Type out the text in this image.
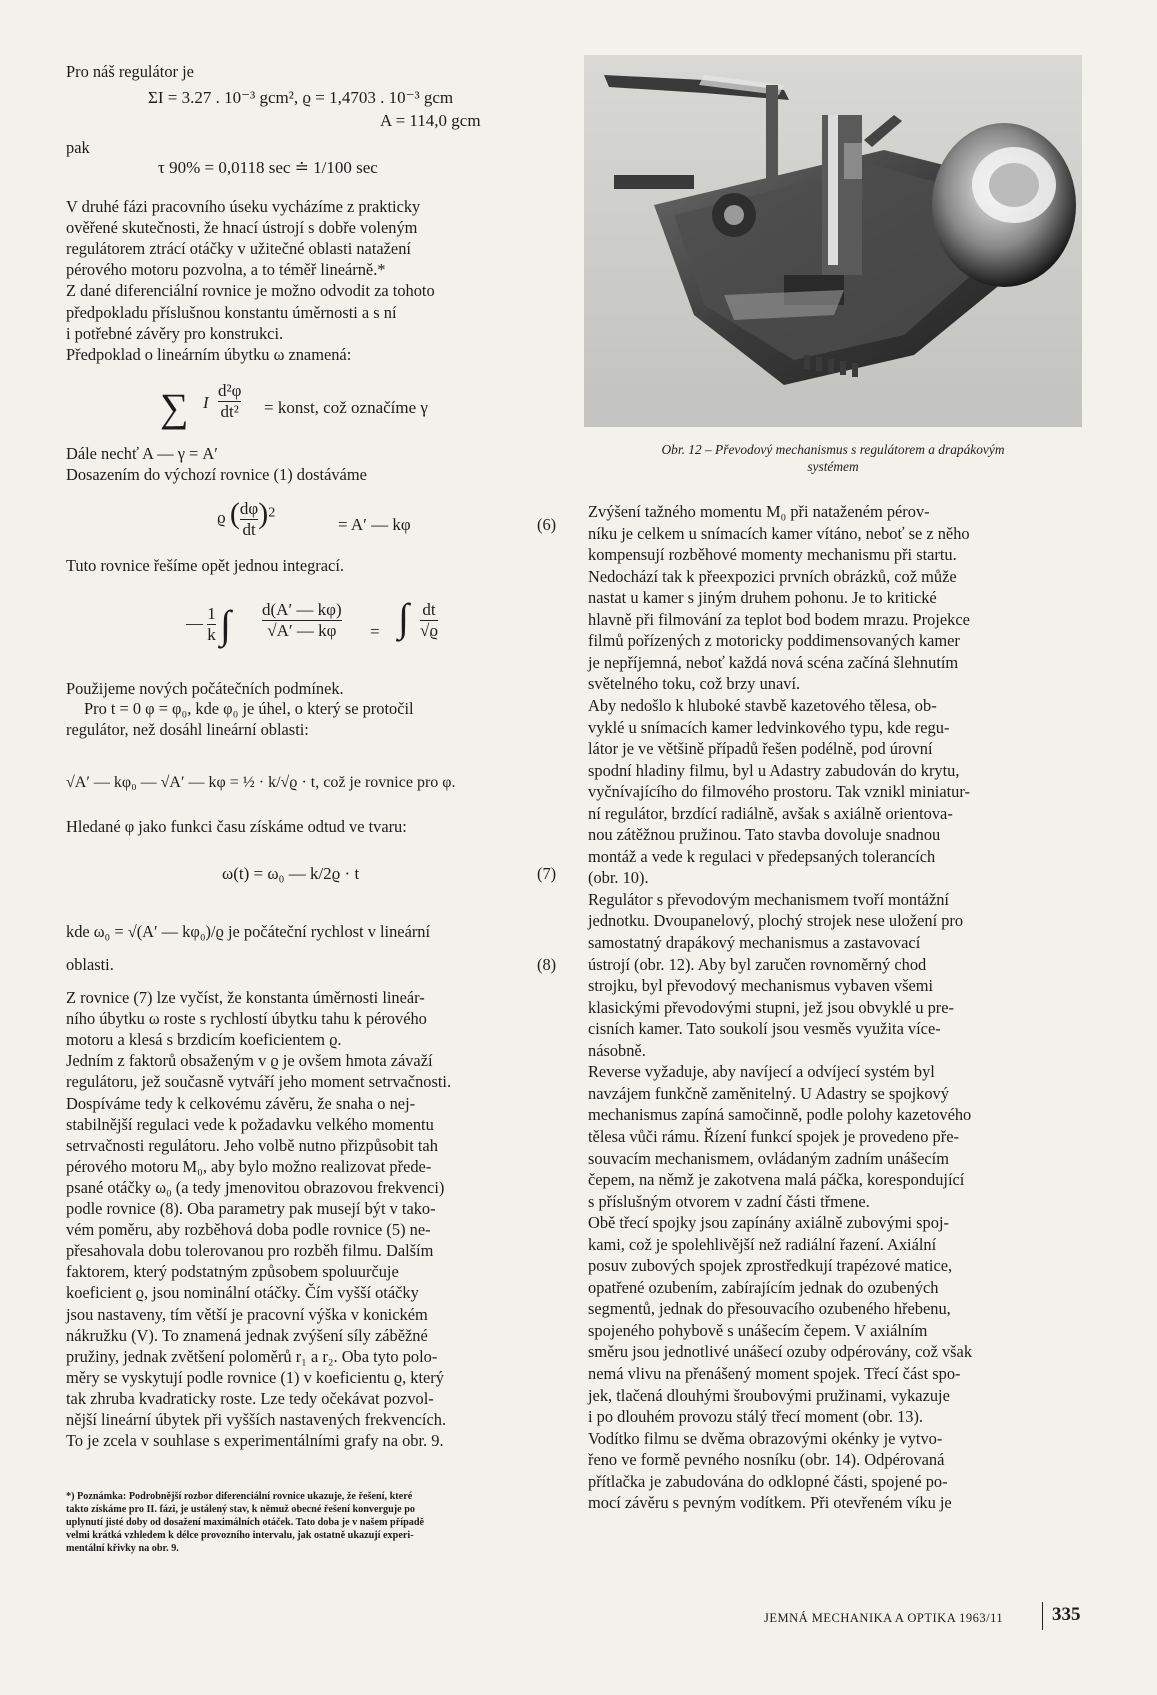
Pro náš regulátor je
ΣI = 3.27 . 10⁻³ gcm², ϱ = 1,4703 . 10⁻³ gcm
A = 114,0 gcm
pak
τ 90% = 0,0118 sec ≐ 1/100 sec
V druhé fázi pracovního úseku vycházíme z prakticky
ověřené skutečnosti, že hnací ústrojí s dobře voleným
regulátorem ztrácí otáčky v užitečné oblasti natažení
pérového motoru pozvolna, a to téměř lineárně.*
Z dané diferenciální rovnice je možno odvodit za tohoto
předpokladu příslušnou konstantu úměrnosti a s ní
i potřebné závěry pro konstrukci.
Předpoklad o lineárním úbytku ω znamená:
∑ I $\frac{\text{d²φ}}{\text{dt²}}$ = konst, což označíme γ
Dále nechť A — γ = A′
Dosazením do výchozí rovnice (1) dostáváme
ϱ ( $\frac{d\varphi}{dt} )^2$
= A′ — kφ	(6)
Tuto rovnice řešíme opět jednou integrací.
— $\frac{1}{k}$ ∫ $\frac{d(A' — k\varphi)}{√A' — k\varphi}$ = ∫ $\frac{dt}{√ϱ}$
Použijeme nových počátečních podmínek.
Pro t = 0 φ = φ₀, kde φ₀ je úhel, o který se protočil
regulátor, než dosáhl lineární oblasti:
√A′ — kφ₀ — √A′ — kφ = ½ · k/√ϱ · t, což je rovnice pro φ.
Hledané φ jako funkci času získáme odtud ve tvaru:
ω(t) = ω₀ — k/2ϱ · t	(7)
kde ω₀ = √(A′ — kφ₀)/ϱ je počáteční rychlost v lineární
oblasti.	(8)
Z rovnice (7) lze vyčíst, že konstanta úměrnosti lineár-
ního úbytku ω roste s rychlostí úbytku tahu k pérového
motoru a klesá s brzdicím koeficientem ϱ.
Jedním z faktorů obsaženým v ϱ je ovšem hmota závaží
regulátoru, jež současně vytváří jeho moment setrvačnosti.
Dospíváme tedy k celkovému závěru, že snaha o nej-
stabilnější regulaci vede k požadavku velkého momentu
setrvačnosti regulátoru. Jeho volbě nutno přizpůsobit tah
pérového motoru M₀, aby bylo možno realizovat přede-
psané otáčky ω₀ (a tedy jmenovitou obrazovou frekvenci)
podle rovnice (8). Oba parametry pak musejí být v tako-
vém poměru, aby rozběhová doba podle rovnice (5) ne-
přesahovala dobu tolerovanou pro rozběh filmu. Dalším
faktorem, který podstatným způsobem spoluurčuje
koeficient ϱ, jsou nominální otáčky. Čím vyšší otáčky
jsou nastaveny, tím větší je pracovní výška v konickém
nákružku (V). To znamená jednak zvýšení síly záběžné
pružiny, jednak zvětšení poloměrů r₁ a r₂. Oba tyto polo-
měry se vyskytují podle rovnice (1) v koeficientu ϱ, který
tak zhruba kvadraticky roste. Lze tedy očekávat pozvol-
nější lineární úbytek při vyšších nastavených frekvencích.
To je zcela v souhlase s experimentálními grafy na obr. 9.
*) Poznámka: Podrobnější rozbor diferenciální rovnice ukazuje, že řešení, které
takto získáme pro II. fázi, je ustálený stav, k němuž obecné řešení konverguje po
uplynutí jisté doby od dosažení maximálních otáček. Tato doba je v našem případě
velmi krátká vzhledem k délce provozního intervalu, jak ostatně ukazují experi-
mentální křivky na obr. 9.
Obr. 12 – Převodový mechanismus s regulátorem a drapákovým
systémem
Zvýšení tažného momentu M₀ při nataženém pérov-
níku je celkem u snímacích kamer vítáno, neboť se z něho
kompensují rozběhové momenty mechanismu při startu.
Nedochází tak k přeexpozici prvních obrázků, což může
nastat u kamer s jiným druhem pohonu. Je to kritické
hlavně při filmování za teplot bod bodem mrazu. Projekce
filmů pořízených z motoricky poddimensovaných kamer
je nepříjemná, neboť každá nová scéna začíná šlehnutím
světelného toku, což brzy unaví.
Aby nedošlo k hluboké stavbě kazetového tělesa, ob-
vyklé u snímacích kamer ledvinkového typu, kde regu-
látor je ve většině případů řešen podélně, pod úrovní
spodní hladiny filmu, byl u Adastry zabudován do krytu,
vyčnívajícího do filmového prostoru. Tak vznikl miniatur-
ní regulátor, brzdící radiálně, avšak s axiálně orientova-
nou zátěžnou pružinou. Tato stavba dovoluje snadnou
montáž a vede k regulaci v předepsaných tolerancích
(obr. 10).
Regulátor s převodovým mechanismem tvoří montážní
jednotku. Dvoupanelový, plochý strojek nese uložení pro
samostatný drapákový mechanismus a zastavovací
ústrojí (obr. 12). Aby byl zaručen rovnoměrný chod
strojku, byl převodový mechanismus vybaven všemi
klasickými převodovými stupni, jež jsou obvyklé u pre-
cisních kamer. Tato soukolí jsou vesměs využita více-
násobně.
Reverse vyžaduje, aby navíjecí a odvíjecí systém byl
navzájem funkčně zaměnitelný. U Adastry se spojkový
mechanismus zapíná samočinně, podle polohy kazetového
tělesa vůči rámu. Řízení funkcí spojek je provedeno pře-
souvacím mechanismem, ovládaným zadním unášecím
čepem, na němž je zakotvena malá páčka, korespondující
s příslušným otvorem v zadní části třmene.
Obě třecí spojky jsou zapínány axiálně zubovými spoj-
kami, což je spolehlivější než radiální řazení. Axiální
posuv zubových spojek zprostředkují trapézové matice,
opatřené ozubením, zabírajícím jednak do ozubených
segmentů, jednak do přesouvacího ozubeného hřebenu,
spojeného pohybově s unášecím čepem. V axiálním
směru jsou jednotlivé unášecí ozuby odpérovány, což však
nemá vlivu na přenášený moment spojek. Třecí část spo-
jek, tlačená dlouhými šroubovými pružinami, vykazuje
i po dlouhém provozu stálý třecí moment (obr. 13).
Vodítko filmu se dvěma obrazovými okénky je vytvo-
řeno ve formě pevného nosníku (obr. 14). Odpérovaná
přítlačka je zabudována do odklopné části, spojené po-
mocí závěru s pevným vodítkem. Při otevřeném víku je
JEMNÁ MECHANIKA A OPTIKA 1963/11	335
